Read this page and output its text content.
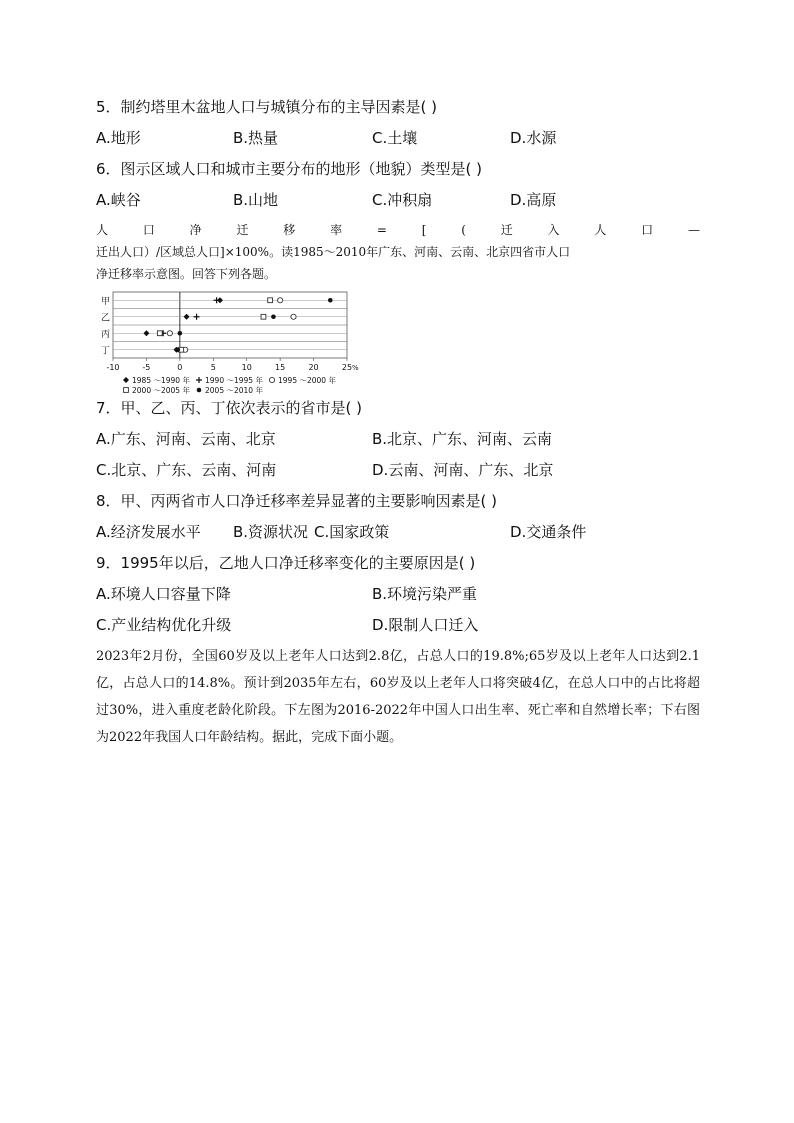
5．制约塔里木盆地人口与城镇分布的主导因素是( )
A.地形	B.热量	C.土壤	D.水源
6．图示区域人口和城市主要分布的地形（地貌）类型是( )
A.峡谷	B.山地	C.冲积扇	D.高原
人	口	净	迁	移	率	=	[	(	迁	入	人	口	—
迁出人口）/区域总人口]×100%。读1985～2010年广东、河南、云南、北京四省市人口
净迁移率示意图。回答下列各题。
甲
乙
丙
丁
-10	-5	0	5	10	15	20	25 %
1985 ～1990 年 1990 ～1995 年 1995 ～2000 年
2000 ～2005 年 2005 ～2010 年
7．甲、乙、丙、丁依次表示的省市是( )
A.广东、河南、云南、北京	B.北京、广东、河南、云南
C.北京、广东、云南、河南	D.云南、河南、广东、北京
8．甲、丙两省市人口净迁移率差异显著的主要影响因素是( )
A.经济发展水平 B.资源状况 C.国家政策	D.交通条件
9．1995年以后，乙地人口净迁移率变化的主要原因是( )
A.环境人口容量下降	B.环境污染严重
C.产业结构优化升级	D.限制人口迁入
2023年2月份，全国60岁及以上老年人口达到2.8亿，占总人口的19.8%;65岁及以上老年人口达到2.1亿，占总人口的14.8%。预计到2035年左右，60岁及以上老年人口将突破4亿，在总人口中的占比将超过30%，进入重度老龄化阶段。下左图为2016-2022年中国人口出生率、死亡率和自然增长率；下右图为2022年我国人口年龄结构。据此，完成下面小题。
